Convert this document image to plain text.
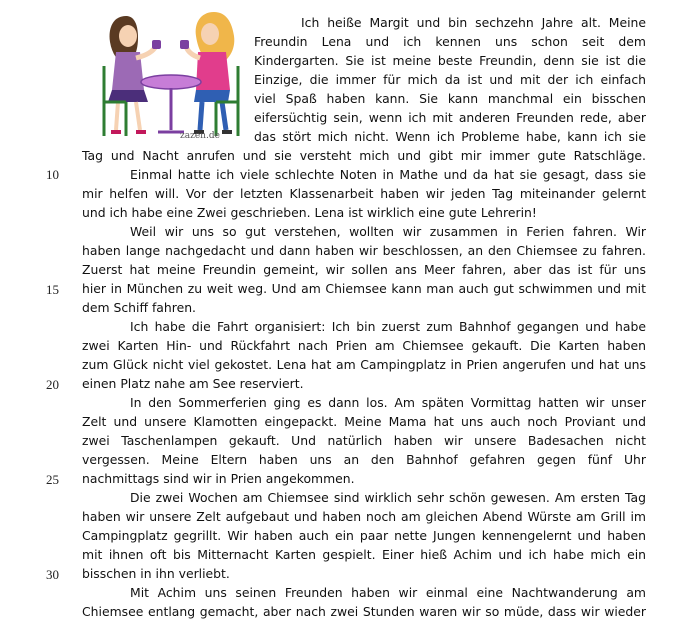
zazen.de
10
15
20
25
30
Ich heiße Margit und bin sechzehn Jahre alt. Meine
Freundin Lena und ich kennen uns schon seit dem
Kindergarten. Sie ist meine beste Freundin, denn sie ist die
Einzige, die immer für mich da ist und mit der ich einfach
viel Spaß haben kann. Sie kann manchmal ein bisschen
eifersüchtig sein, wenn ich mit anderen Freunden rede, aber
das stört mich nicht. Wenn ich Probleme habe, kann ich sie
Tag und Nacht anrufen und sie versteht mich und gibt mir immer gute Ratschläge.
Einmal hatte ich viele schlechte Noten in Mathe und da hat sie gesagt, dass sie
mir helfen will. Vor der letzten Klassenarbeit haben wir jeden Tag miteinander gelernt
und ich habe eine Zwei geschrieben. Lena ist wirklich eine gute Lehrerin!
Weil wir uns so gut verstehen, wollten wir zusammen in Ferien fahren. Wir
haben lange nachgedacht und dann haben wir beschlossen, an den Chiemsee zu fahren.
Zuerst hat meine Freundin gemeint, wir sollen ans Meer fahren, aber das ist für uns
hier in München zu weit weg. Und am Chiemsee kann man auch gut schwimmen und mit
dem Schiff fahren.
Ich habe die Fahrt organisiert: Ich bin zuerst zum Bahnhof gegangen und habe
zwei Karten Hin- und Rückfahrt nach Prien am Chiemsee gekauft. Die Karten haben
zum Glück nicht viel gekostet. Lena hat am Campingplatz in Prien angerufen und hat uns
einen Platz nahe am See reserviert.
In den Sommerferien ging es dann los. Am späten Vormittag hatten wir unser
Zelt und unsere Klamotten eingepackt. Meine Mama hat uns auch noch Proviant und
zwei Taschenlampen gekauft. Und natürlich haben wir unsere Badesachen nicht
vergessen. Meine Eltern haben uns an den Bahnhof gefahren gegen fünf Uhr
nachmittags sind wir in Prien angekommen.
Die zwei Wochen am Chiemsee sind wirklich sehr schön gewesen. Am ersten Tag
haben wir unsere Zelt aufgebaut und haben noch am gleichen Abend Würste am Grill im
Campingplatz gegrillt. Wir haben auch ein paar nette Jungen kennengelernt und haben
mit ihnen oft bis Mitternacht Karten gespielt. Einer hieß Achim und ich habe mich ein
bisschen in ihn verliebt.
Mit Achim uns seinen Freunden haben wir einmal eine Nachtwanderung am
Chiemsee entlang gemacht, aber nach zwei Stunden waren wir so müde, dass wir wieder
